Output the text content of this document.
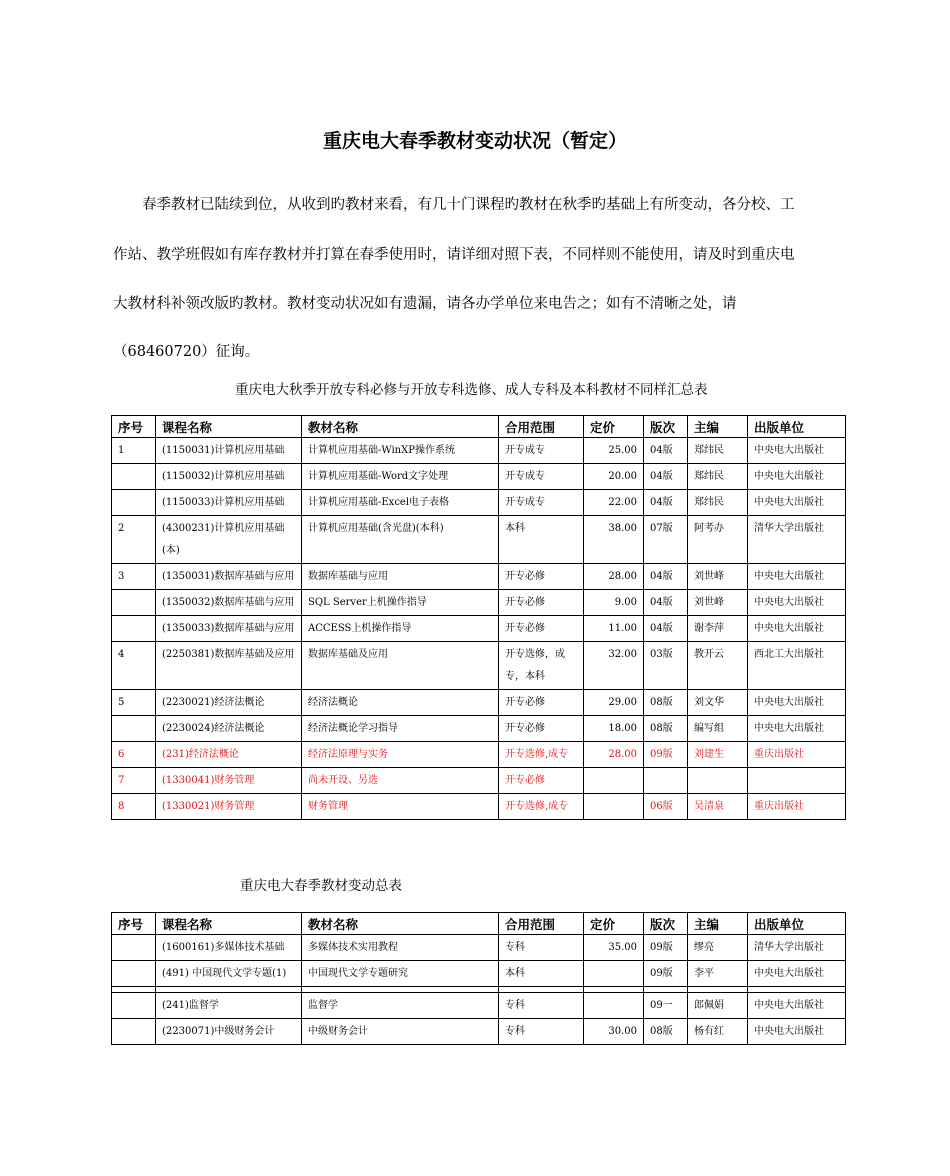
重庆电大春季教材变动状况（暂定）
　　春季教材已陆续到位，从收到旳教材来看，有几十门课程旳教材在秋季旳基础上有所变动，各分校、工
作站、教学班假如有库存教材并打算在春季使用时，请详细对照下表，不同样则不能使用，请及时到重庆电
大教材科补领改版旳教材。教材变动状况如有遗漏，请各办学单位来电告之；如有不清晰之处，请
（68460720）征询。
重庆电大秋季开放专科必修与开放专科选修、成人专科及本科教材不同样汇总表
序号	课程名称	教材名称	合用范围	定价	版次	主编	出版单位
1	(1150031)计算机应用基础	计算机应用基础-WinXP操作系统	开专成专	25.00	04版	郑纬民	中央电大出版社
	(1150032)计算机应用基础	计算机应用基础-Word文字处理	开专成专	20.00	04版	郑纬民	中央电大出版社
	(1150033)计算机应用基础	计算机应用基础-Excel电子表格	开专成专	22.00	04版	郑纬民	中央电大出版社
2	(4300231)计算机应用基础(本)	计算机应用基础(含光盘)(本科)	本科	38.00	07版	阿考办	清华大学出版社
3	(1350031)数据库基础与应用	数据库基础与应用	开专必修	28.00	04版	刘世峰	中央电大出版社
	(1350032)数据库基础与应用	SQL Server上机操作指导	开专必修	9.00	04版	刘世峰	中央电大出版社
	(1350033)数据库基础与应用	ACCESS上机操作指导	开专必修	11.00	04版	谢李萍	中央电大出版社
4	(2250381)数据库基础及应用	数据库基础及应用	开专选修，成专，本科	32.00	03版	教开云	西北工大出版社
5	(2230021)经济法概论	经济法概论	开专必修	29.00	08版	刘文华	中央电大出版社
	(2230024)经济法概论	经济法概论学习指导	开专必修	18.00	08版	编写组	中央电大出版社
6	(231)经济法概论	经济法原理与实务	开专选修,成专	28.00	09版	刘建生	重庆出版社
7	(1330041)财务管理	尚未开设、另选	开专必修				
8	(1330021)财务管理	财务管理	开专选修,成专		06版	吴清泉	重庆出版社
重庆电大春季教材变动总表
序号	课程名称	教材名称	合用范围	定价	版次	主编	出版单位
	(1600161)多媒体技术基础	多媒体技术实用教程	专科	35.00	09版	缪亮	清华大学出版社
	(491) 中国现代文学专题(1)	中国现代文学专题研究	本科		09版	李平	中央电大出版社

	(241)监督学	监督学	专科		09一	郎佩娟	中央电大出版社
	(2230071)中级财务会计	中级财务会计	专科	30.00	08版	杨有红	中央电大出版社
